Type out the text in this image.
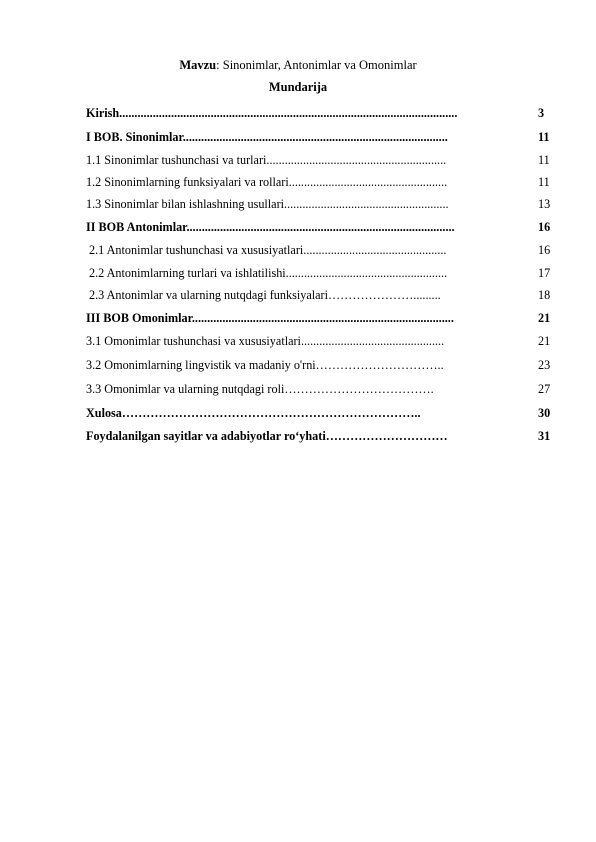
Mavzu: Sinonimlar, Antonimlar va Omonimlar
Mundarija
Kirish...............................................................................................................	3
I BOB. Sinonimlar.......................................................................................	11
1.1 Sinonimlar tushunchasi va turlari...........................................................	11
1.2 Sinonimlarning funksiyalari va rollari....................................................	11
1.3 Sinonimlar bilan ishlashning usullari......................................................	13
II BOB Antonimlar........................................................................................	16
2.1 Antonimlar tushunchasi va xususiyatlari...............................................	16
2.2 Antonimlarning turlari va ishlatilishi.....................................................	17
2.3 Antonimlar va ularning nutqdagi funksiyalari………………….........	18
III BOB Omonimlar......................................................................................	21
3.1 Omonimlar tushunchasi va xususiyatlari...............................................	21
3.2 Omonimlarning lingvistik va madaniy o'rni…………………………..	23
3.3 Omonimlar va ularning nutqdagi roli……………………………….	27
Xulosa………………………………………………………………..	30
Foydalanilgan sayitlar va adabiyotlar ro‘yhati…………………………	31
